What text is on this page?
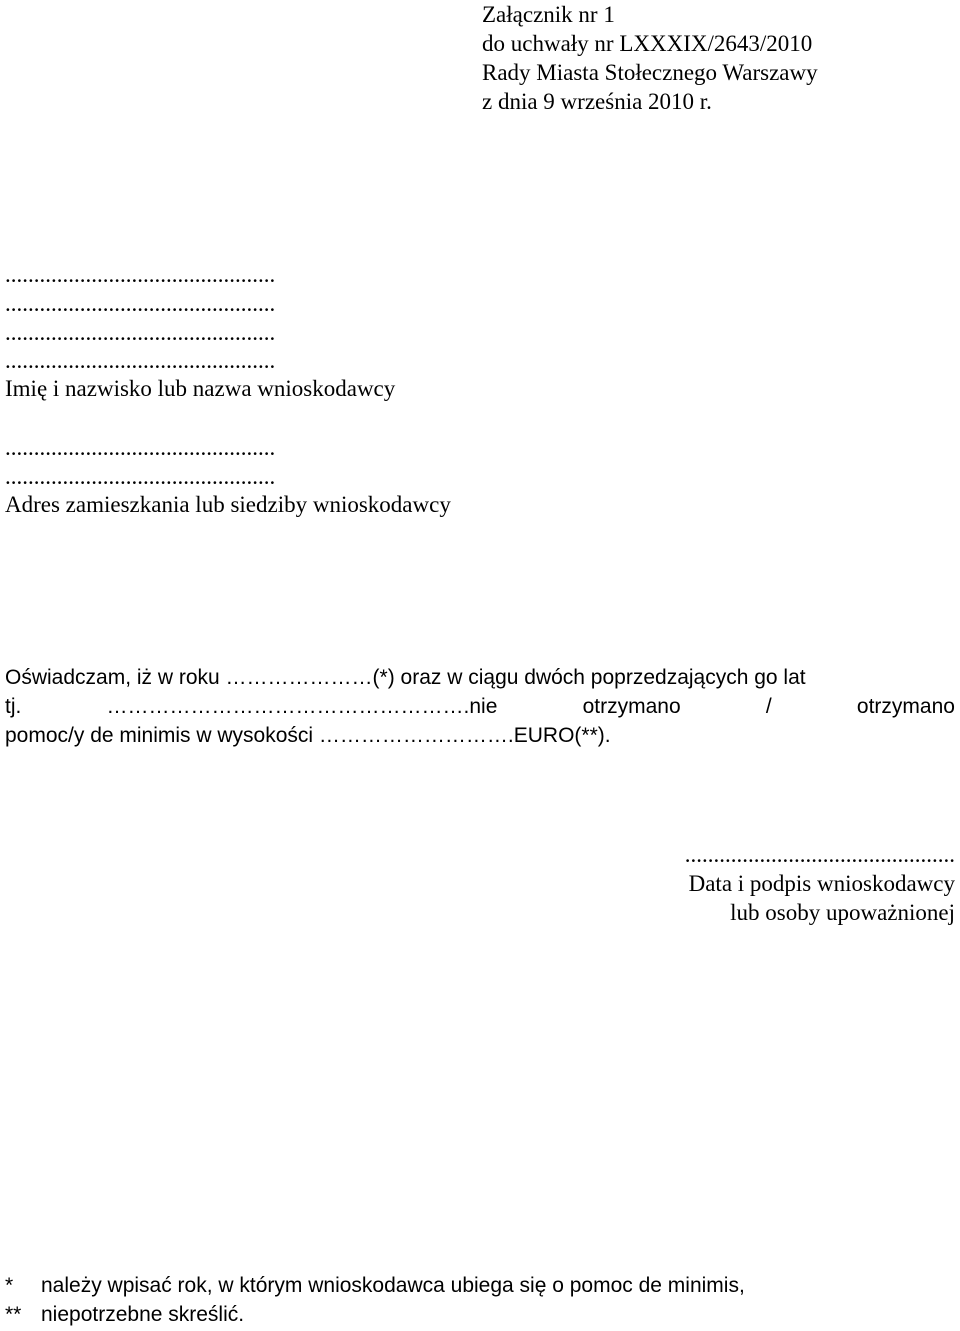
Załącznik nr 1
do uchwały nr LXXXIX/2643/2010
Rady Miasta Stołecznego Warszawy
z dnia 9 września 2010 r.
...............................................
...............................................
...............................................
...............................................
Imię i nazwisko lub nazwa wnioskodawcy
...............................................
...............................................
Adres zamieszkania lub siedziby wnioskodawcy
Oświadczam, iż w roku …………………(*) oraz w ciągu dwóch poprzedzających go lat
tj.	…………………………………………….nie	otrzymano	/	otrzymano
pomoc/y de minimis w wysokości ……………………….EURO(**).
...............................................
Data i podpis wnioskodawcy
lub osoby upoważnionej
* należy wpisać rok, w którym wnioskodawca ubiega się o pomoc de minimis,
** niepotrzebne skreślić.
